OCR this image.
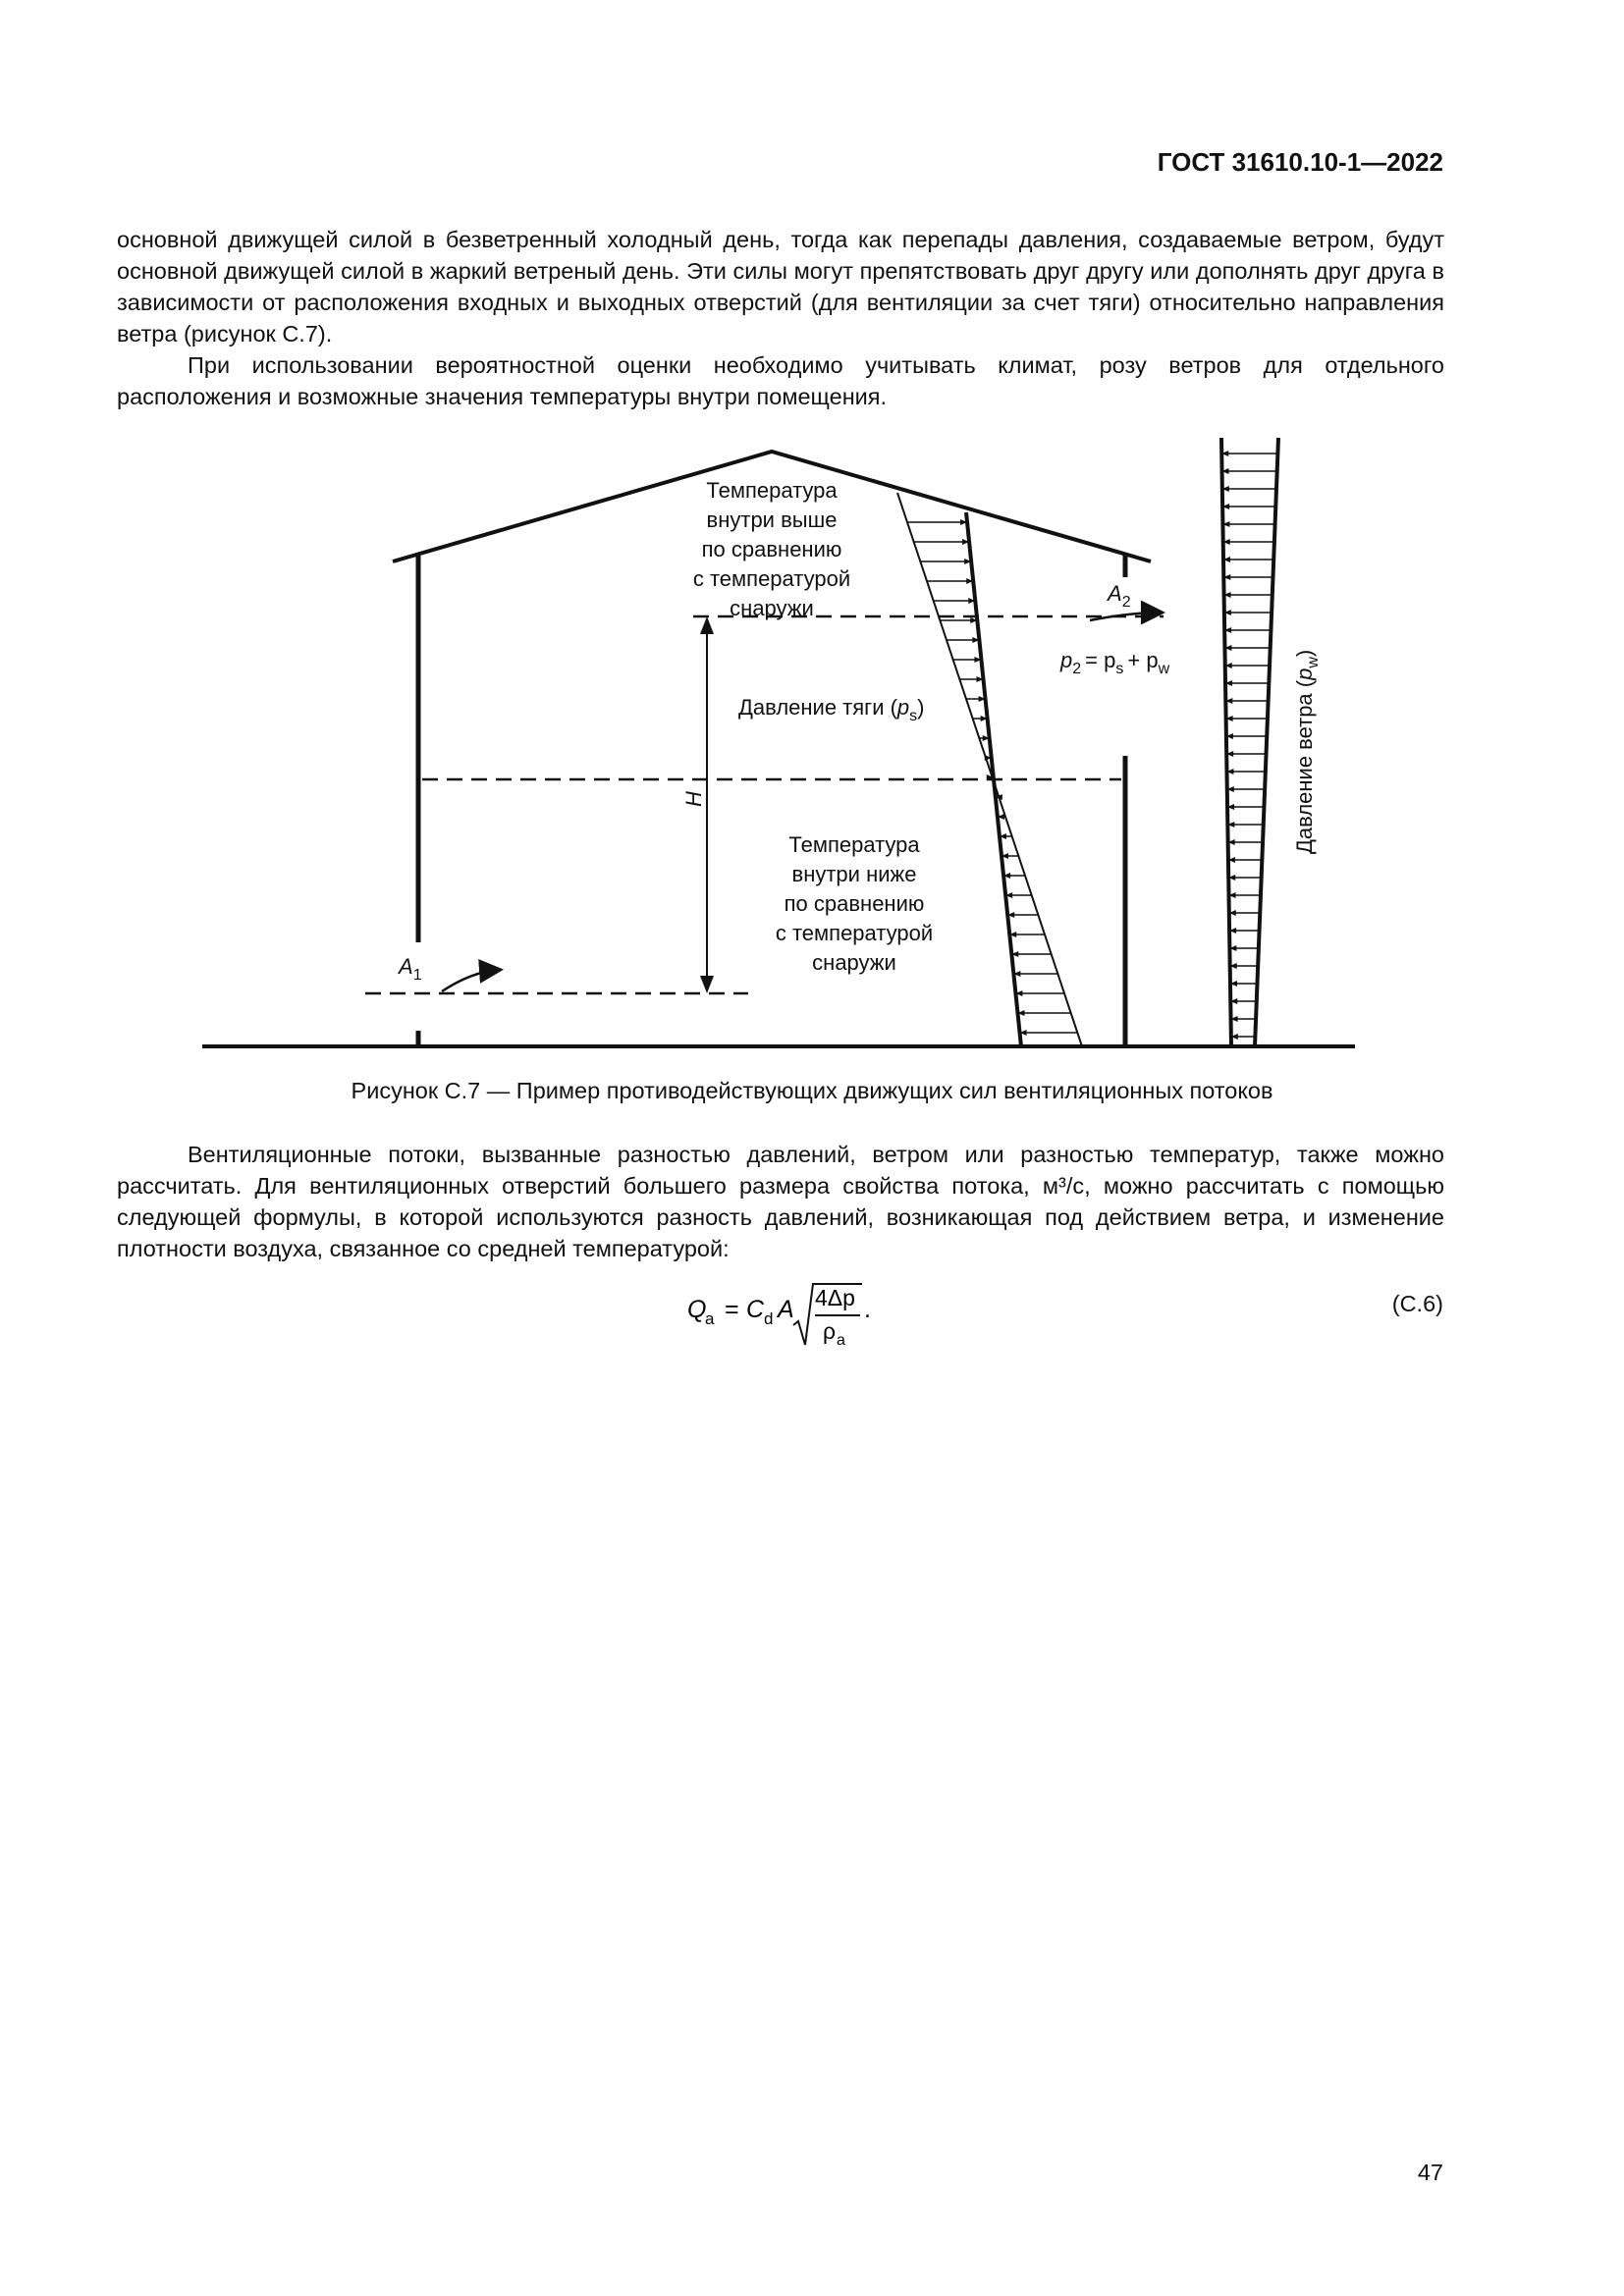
ГОСТ 31610.10-1—2022

основной движущей силой в безветренный холодный день, тогда как перепады давления, создаваемые ветром, будут основной движущей силой в жаркий ветреный день. Эти силы могут препятствовать друг другу или дополнять друг друга в зависимости от расположения входных и выходных отверстий (для вентиляции за счет тяги) относительно направления ветра (рисунок С.7).

При использовании вероятностной оценки необходимо учитывать климат, розу ветров для отдельного расположения и возможные значения температуры внутри помещения.

H
Температура
внутри выше
по сравнению
с температурой
снаружи
Температура
внутри ниже
по сравнению
с температурой
снаружи
Давление тяги $(p_s)$
$A_1$
$A_2$
$p_2 = p_s + p_w$
Давление ветра $(p_w)$
Рисунок С.7 — Пример противодействующих движущих сил вентиляционных потоков

Вентиляционные потоки, вызванные разностью давлений, ветром или разностью температур, также можно рассчитать. Для вентиляционных отверстий большего размера свойства потока, м³/с, можно рассчитать с помощью следующей формулы, в которой используются разность давлений, возникающая под действием ветра, и изменение плотности воздуха, связанное со средней температурой:

Q
a = C d A 4Δp
ρ a
.	(С.6)
47
